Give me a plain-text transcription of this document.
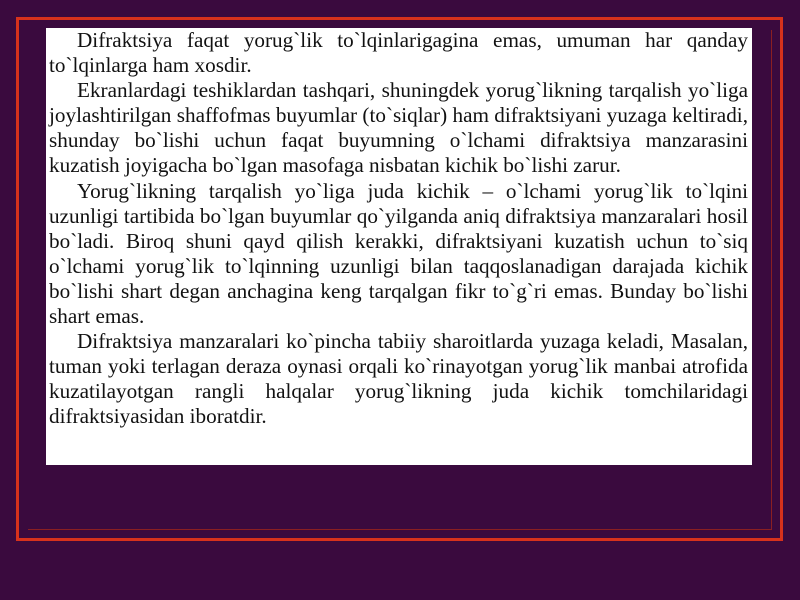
Difraktsiya faqat yorug`lik to`lqinlarigagina emas, umuman har qanday to`lqinlarga ham xosdir.

Ekranlardagi teshiklardan tashqari, shuningdek yorug`likning tarqalish yo`liga joylashtirilgan shaffofmas buyumlar (to`siqlar) ham difraktsiyani yuzaga keltiradi, shunday bo`lishi uchun faqat buyumning o`lchami difraktsiya manzarasini kuzatish joyigacha bo`lgan masofaga nisbatan kichik bo`lishi zarur.

Yorug`likning tarqalish yo`liga juda kichik – o`lchami yorug`lik to`lqini uzunligi tartibida bo`lgan buyumlar qo`yilganda aniq difraktsiya manzaralari hosil bo`ladi. Biroq shuni qayd qilish kerakki, difraktsiyani kuzatish uchun to`siq o`lchami yorug`lik to`lqinning uzunligi bilan taqqoslanadigan darajada kichik bo`lishi shart degan anchagina keng tarqalgan fikr to`g`ri emas. Bunday bo`lishi shart emas.

Difraktsiya manzaralari ko`pincha tabiiy sharoitlarda yuzaga keladi, Masalan, tuman yoki terlagan deraza oynasi orqali ko`rinayotgan yorug`lik manbai atrofida kuzatilayotgan rangli halqalar yorug`likning juda kichik tomchilaridagi difraktsiyasidan iboratdir.
